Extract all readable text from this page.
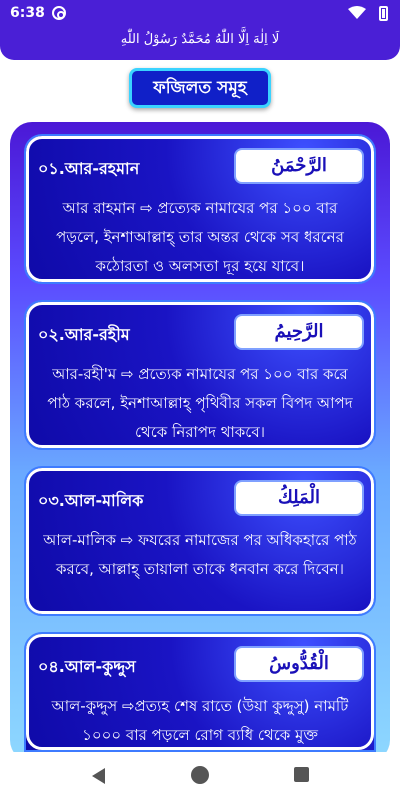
6:38
لَا اِلٰهَ اِلَّا اللّٰهُ مُحَمَّدٌ رَسُوْلُ اللّٰهِ
ফজিলত সমূহ
০১.আর-রহমান	الرَّحْمَنُ
আর রাহমান ⇨ প্রত্যেক নামাযের পর ১০০ বার পড়লে, ইনশাআল্লাহ্ তার অন্তর থেকে সব ধরনের কঠোরতা ও অলসতা দূর হয়ে যাবে।
০২.আর-রহীম	الرَّحِيمُ
আর-রহী'ম ⇨ প্রত্যেক নামাযের পর ১০০ বার করে পাঠ করলে, ইনশাআল্লাহ্ পৃথিবীর সকল বিপদ আপদ থেকে নিরাপদ থাকবে।
০৩.আল-মালিক	الْمَلِكُ
আল-মালিক ⇨ ফযরের নামাজের পর অধিকহারে পাঠ করবে, আল্লাহ্ তায়ালা তাকে ধনবান করে দিবেন।
০৪.আল-কুদ্দুস	الْقُدُّوسُ
আল-কুদ্দুস ⇨প্রত্যহ শেষ রাতে (উয়া কুদ্দুসু) নামটি ১০০০ বার পড়লে রোগ ব্যধি থেকে মুক্ত
